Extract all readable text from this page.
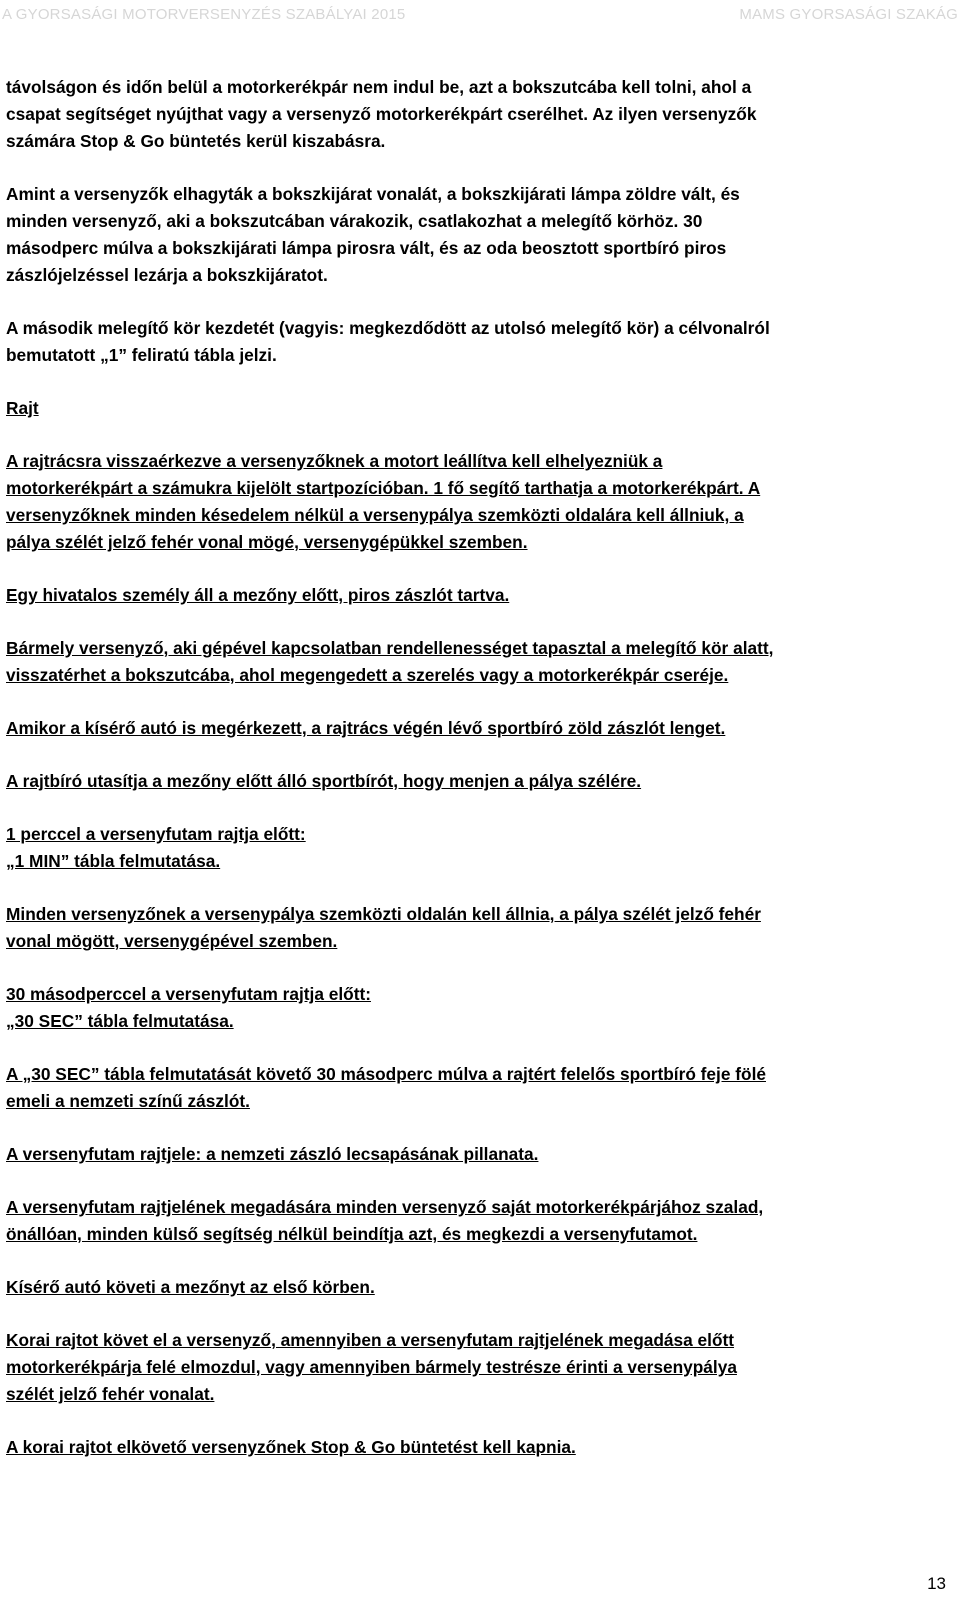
A GYORSASÁGI MOTORVERSENYZÉS SZABÁLYAI 2015	MAMS GYORSASÁGI SZAKÁG

távolságon és időn belül a motorkerékpár nem indul be, azt a bokszutcába kell tolni, ahol a
csapat segítséget nyújthat vagy a versenyző motorkerékpárt cserélhet. Az ilyen versenyzők
számára Stop & Go büntetés kerül kiszabásra.

Amint a versenyzők elhagyták a bokszkijárat vonalát, a bokszkijárati lámpa zöldre vált, és
minden versenyző, aki a bokszutcában várakozik, csatlakozhat a melegítő körhöz. 30
másodperc múlva a bokszkijárati lámpa pirosra vált, és az oda beosztott sportbíró piros
zászlójelzéssel lezárja a bokszkijáratot.

A második melegítő kör kezdetét (vagyis: megkezdődött az utolsó melegítő kör) a célvonalról
bemutatott „1” feliratú tábla jelzi.

Rajt

A rajtrácsra visszaérkezve a versenyzőknek a motort leállítva kell elhelyezniük a
motorkerékpárt a számukra kijelölt startpozícióban. 1 fő segítő tarthatja a motorkerékpárt. A
versenyzőknek minden késedelem nélkül a versenypálya szemközti oldalára kell állniuk, a
pálya szélét jelző fehér vonal mögé, versenygépükkel szemben.

Egy hivatalos személy áll a mezőny előtt, piros zászlót tartva.

Bármely versenyző, aki gépével kapcsolatban rendellenességet tapasztal a melegítő kör alatt,
visszatérhet a bokszutcába, ahol megengedett a szerelés vagy a motorkerékpár cseréje.

Amikor a kísérő autó is megérkezett, a rajtrács végén lévő sportbíró zöld zászlót lenget.

A rajtbíró utasítja a mezőny előtt álló sportbírót, hogy menjen a pálya szélére.

1 perccel a versenyfutam rajtja előtt:
„1 MIN” tábla felmutatása.

Minden versenyzőnek a versenypálya szemközti oldalán kell állnia, a pálya szélét jelző fehér
vonal mögött, versenygépével szemben.

30 másodperccel a versenyfutam rajtja előtt:
„30 SEC” tábla felmutatása.

A „30 SEC” tábla felmutatását követő 30 másodperc múlva a rajtért felelős sportbíró feje fölé
emeli a nemzeti színű zászlót.

A versenyfutam rajtjele: a nemzeti zászló lecsapásának pillanata.

A versenyfutam rajtjelének megadására minden versenyző saját motorkerékpárjához szalad,
önállóan, minden külső segítség nélkül beindítja azt, és megkezdi a versenyfutamot.

Kísérő autó követi a mezőnyt az első körben.

Korai rajtot követ el a versenyző, amennyiben a versenyfutam rajtjelének megadása előtt
motorkerékpárja felé elmozdul, vagy amennyiben bármely testrésze érinti a versenypálya
szélét jelző fehér vonalat.

A korai rajtot elkövető versenyzőnek Stop & Go büntetést kell kapnia.

13
